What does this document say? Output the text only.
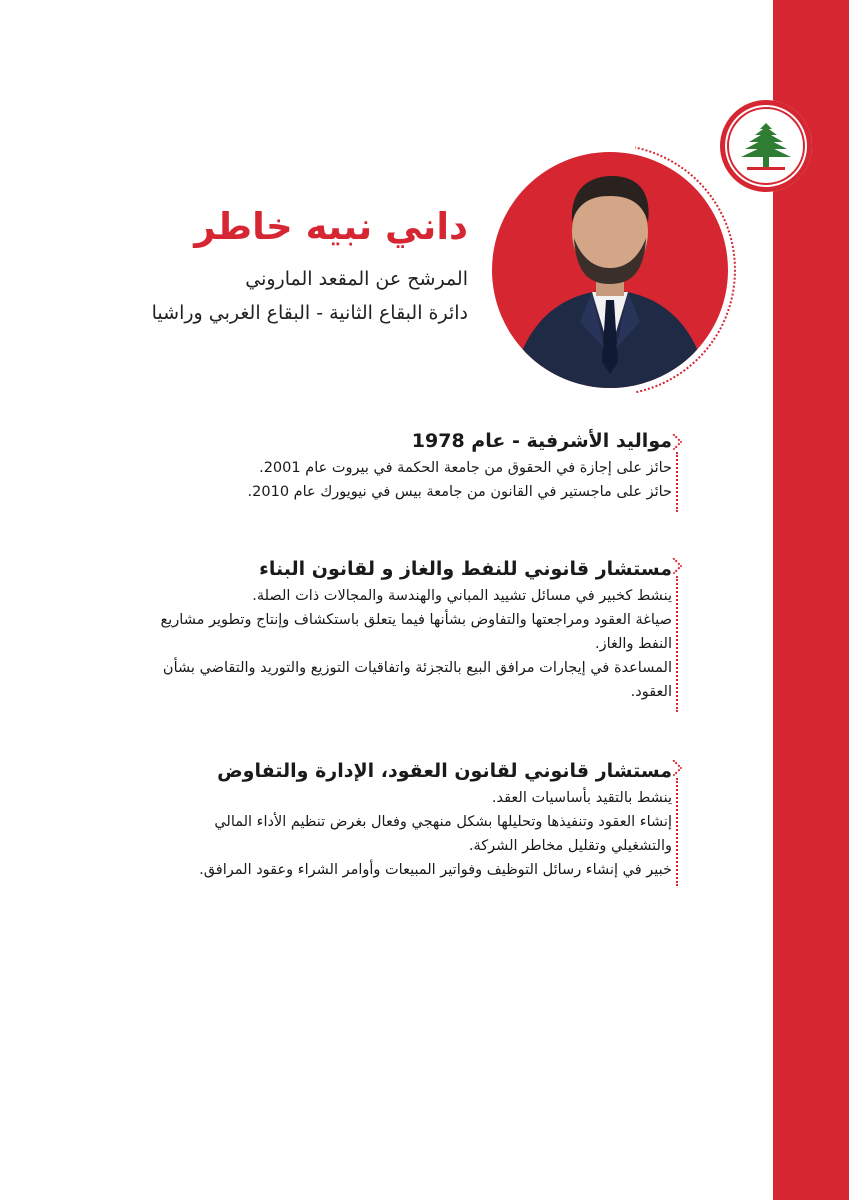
داني نبيه خاطر

المرشح عن المقعد الماروني

دائرة البقاع الثانية - البقاع الغربي وراشيا

مواليد الأشرفية - عام 1978

حائز على إجازة في الحقوق من جامعة الحكمة في بيروت عام 2001.

حائز على ماجستير في القانون من جامعة بيس في نيويورك عام 2010.

مستشار قانوني للنفط والغاز و لقانون البناء

ينشط كخبير في مسائل تشييد المباني والهندسة والمجالات ذات الصلة.

صياغة العقود ومراجعتها والتفاوض بشأنها فيما يتعلق باستكشاف وإنتاج وتطوير مشاريع

النفط والغاز.

المساعدة في إيجارات مرافق البيع بالتجزئة واتفاقيات التوزيع والتوريد والتقاضي بشأن

العقود.

مستشار قانوني لقانون العقود، الإدارة والتفاوض

ينشط بالتقيد بأساسيات العقد.

إنشاء العقود وتنفيذها وتحليلها بشكل منهجي وفعال بغرض تنظيم الأداء المالي

والتشغيلي وتقليل مخاطر الشركة.

خبير في إنشاء رسائل التوظيف وفواتير المبيعات وأوامر الشراء وعقود المرافق.
